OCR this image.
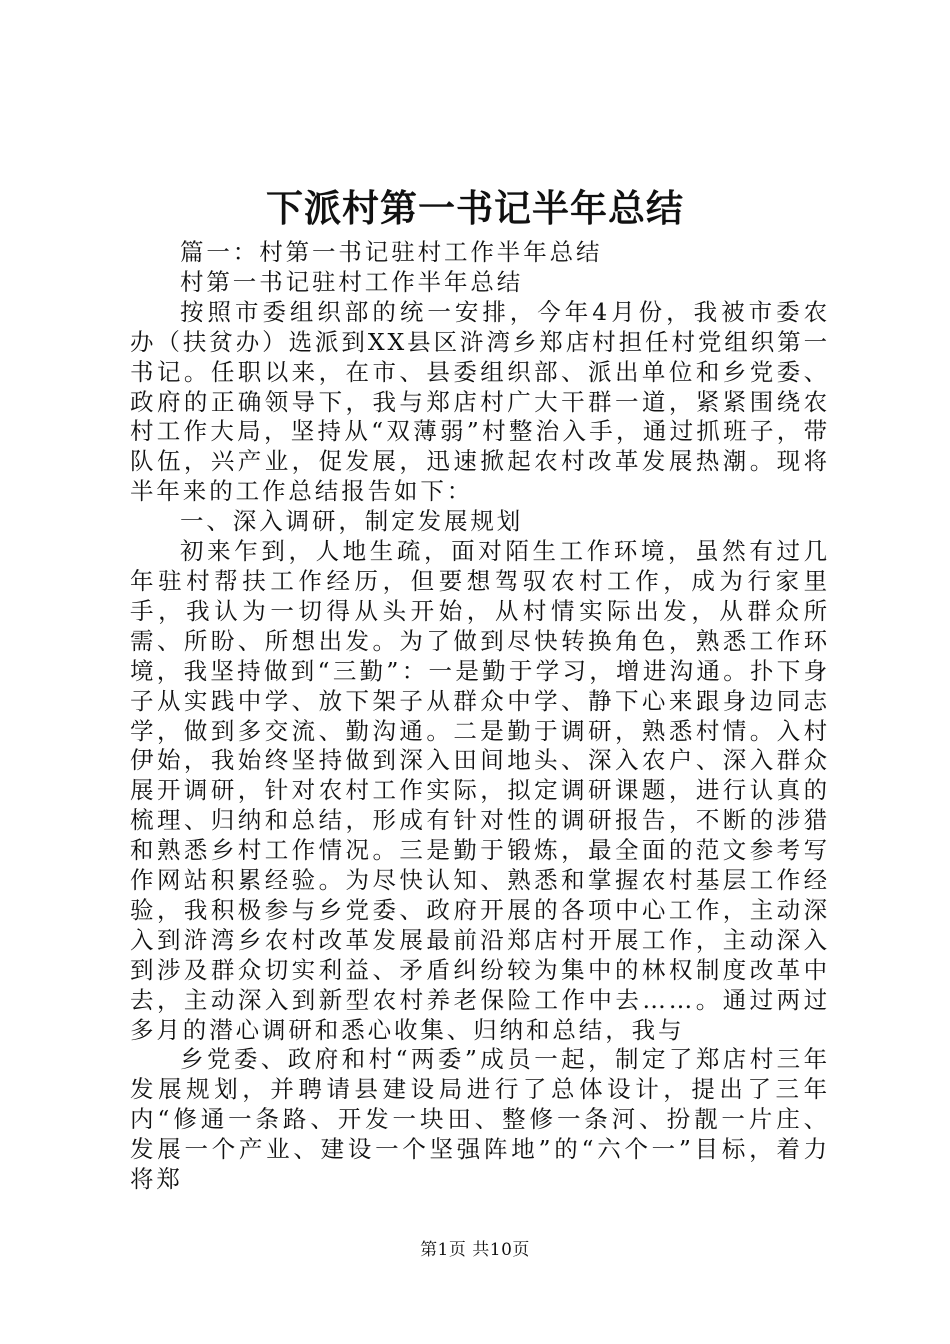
下派村第一书记半年总结

篇一：村第一书记驻村工作半年总结

村第一书记驻村工作半年总结

按照市委组织部的统一安排，今年4月份，我被市委农办（扶贫办）选派到XX县区浒湾乡郑店村担任村党组织第一书记。任职以来，在市、县委组织部、派出单位和乡党委、政府的正确领导下，我与郑店村广大干群一道，紧紧围绕农村工作大局，坚持从“双薄弱”村整治入手，通过抓班子，带队伍，兴产业，促发展，迅速掀起农村改革发展热潮。现将半年来的工作总结报告如下：

一、深入调研，制定发展规划

初来乍到，人地生疏，面对陌生工作环境，虽然有过几年驻村帮扶工作经历，但要想驾驭农村工作，成为行家里手，我认为一切得从头开始，从村情实际出发，从群众所需、所盼、所想出发。为了做到尽快转换角色，熟悉工作环境，我坚持做到“三勤”：一是勤于学习，增进沟通。扑下身子从实践中学、放下架子从群众中学、静下心来跟身边同志学，做到多交流、勤沟通。二是勤于调研，熟悉村情。入村伊始，我始终坚持做到深入田间地头、深入农户、深入群众展开调研，针对农村工作实际，拟定调研课题，进行认真的梳理、归纳和总结，形成有针对性的调研报告，不断的涉猎和熟悉乡村工作情况。三是勤于锻炼，最全面的范文参考写作网站积累经验。为尽快认知、熟悉和掌握农村基层工作经验，我积极参与乡党委、政府开展的各项中心工作，主动深入到浒湾乡农村改革发展最前沿郑店村开展工作，主动深入到涉及群众切实利益、矛盾纠纷较为集中的林权制度改革中去，主动深入到新型农村养老保险工作中去……。通过两过多月的潜心调研和悉心收集、归纳和总结，我与

乡党委、政府和村“两委”成员一起，制定了郑店村三年发展规划，并聘请县建设局进行了总体设计，提出了三年内“修通一条路、开发一块田、整修一条河、扮靓一片庄、发展一个产业、建设一个坚强阵地”的“六个一”目标，着力将郑

第1页 共10页
